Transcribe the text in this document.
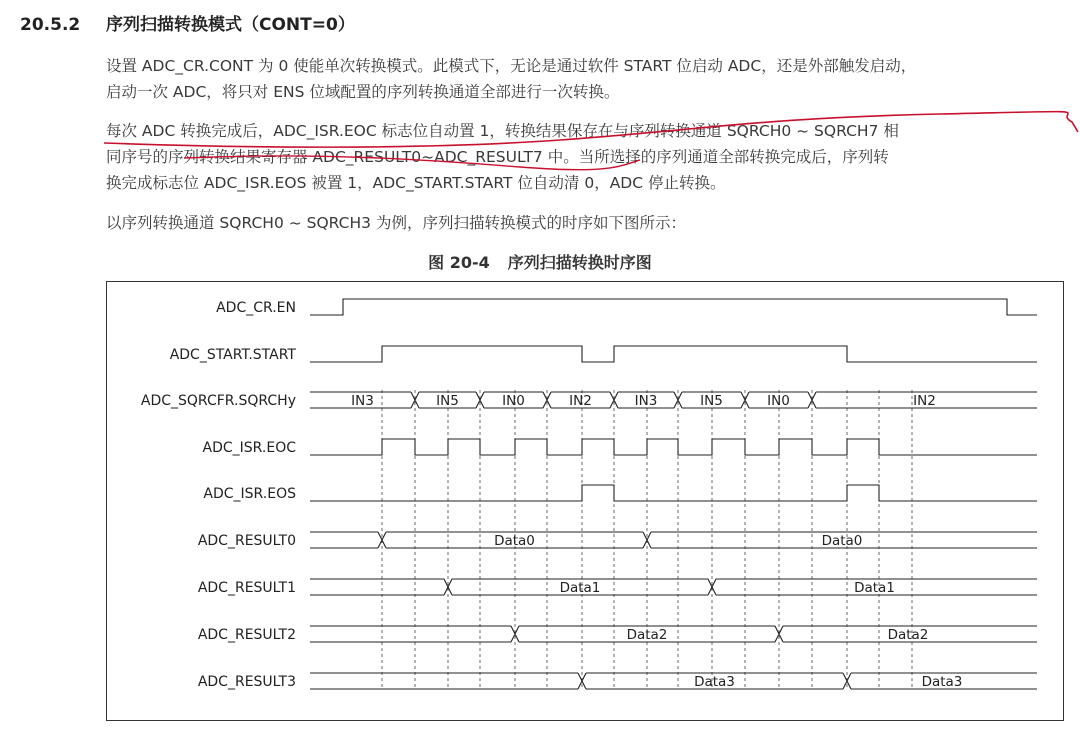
20.5.2 序列扫描转换模式（CONT=0）

设置 ADC_CR.CONT 为 0 使能单次转换模式。此模式下，无论是通过软件 START 位启动 ADC，还是外部触发启动，
启动一次 ADC，将只对 ENS 位域配置的序列转换通道全部进行一次转换。

每次 ADC 转换完成后，ADC_ISR.EOC 标志位自动置 1，转换结果保存在与序列转换通道 SQRCH0 ~ SQRCH7 相
同序号的序列转换结果寄存器 ADC_RESULT0~ADC_RESULT7 中。当所选择的序列通道全部转换完成后，序列转
换完成标志位 ADC_ISR.EOS 被置 1，ADC_START.START 位自动清 0，ADC 停止转换。

以序列转换通道 SQRCH0 ~ SQRCH3 为例，序列扫描转换模式的时序如下图所示：

图 20-4 序列扫描转换时序图
ADC_CR.EN
ADC_START.START
ADC_SQRCFR.SQRCHy
ADC_ISR.EOC
ADC_ISR.EOS
ADC_RESULT0
ADC_RESULT1
ADC_RESULT2
ADC_RESULT3
IN3	IN5	IN0	IN2	IN3	IN5	IN0	IN2
Data0	Data0
Data1	Data1
Data2	Data2
Data3	Data3
